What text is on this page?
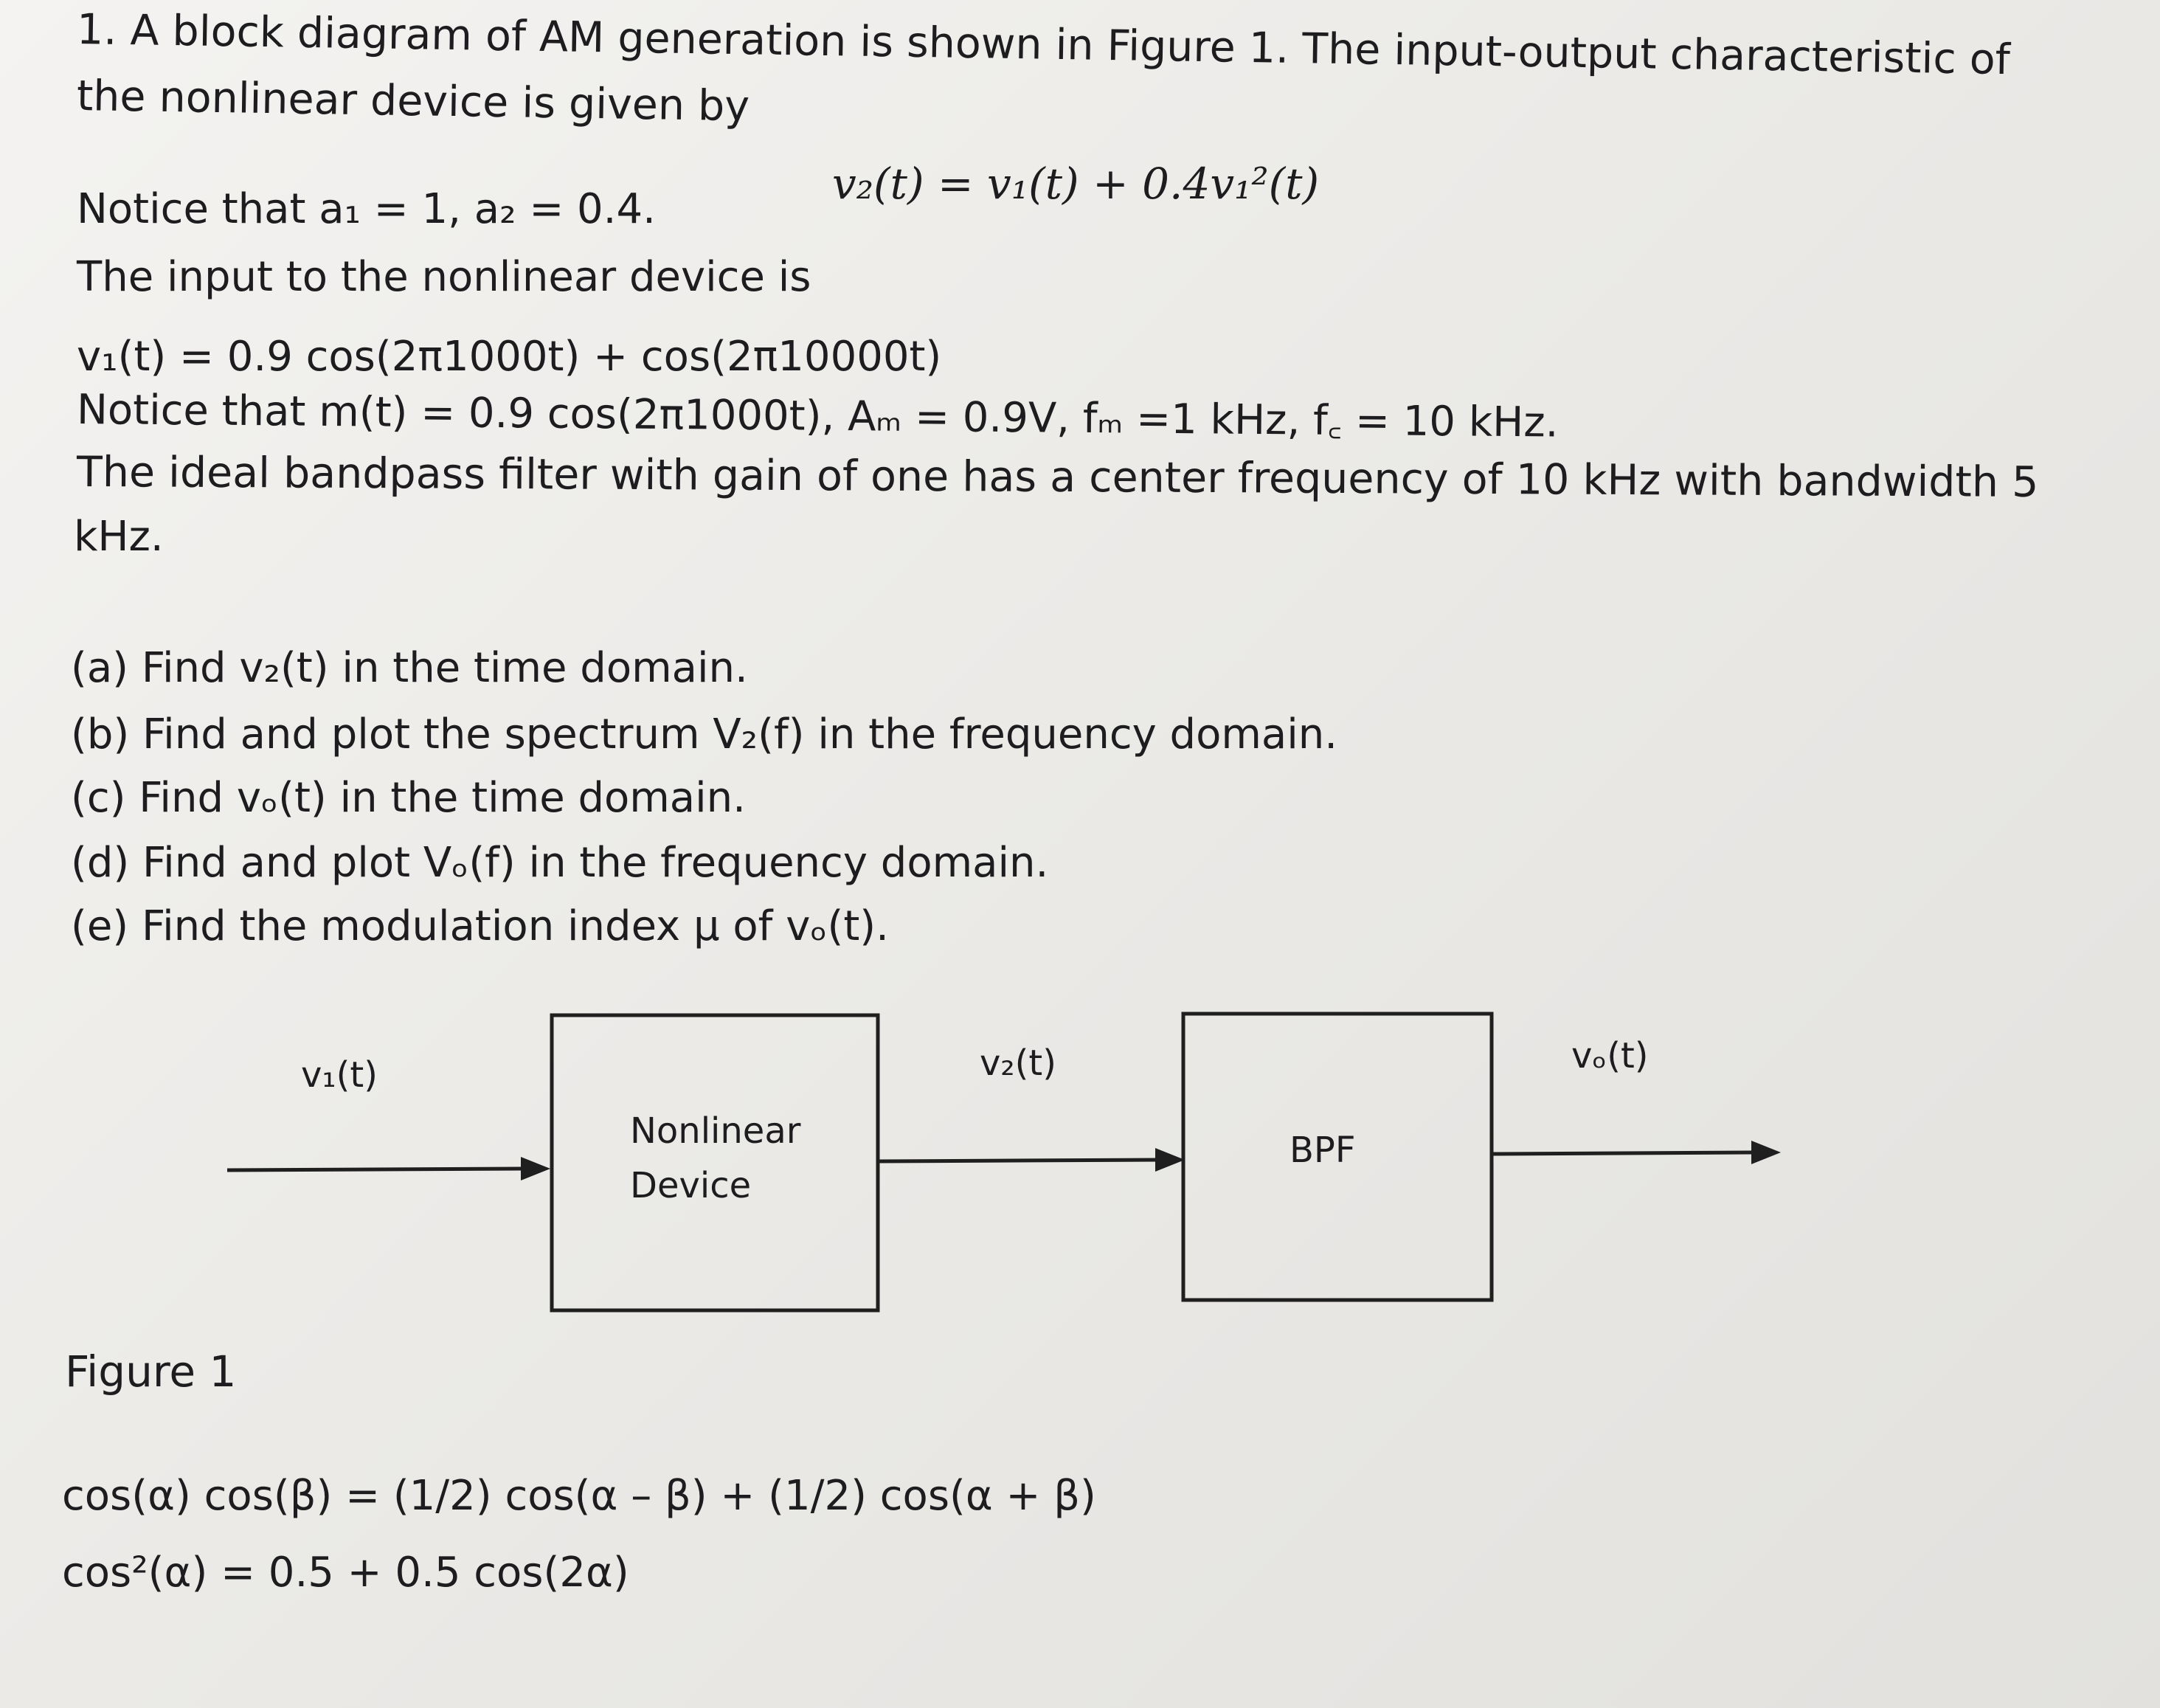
1. A block diagram of AM generation is shown in Figure 1. The input-output characteristic of
the nonlinear device is given by
v₂(t) = v₁(t) + 0.4v₁²(t)
Notice that a₁ = 1, a₂ = 0.4.
The input to the nonlinear device is
v₁(t) = 0.9 cos(2π1000t) + cos(2π10000t)
Notice that m(t) = 0.9 cos(2π1000t), Aₘ = 0.9V, fₘ =1 kHz, f꜀ = 10 kHz.
The ideal bandpass filter with gain of one has a center frequency of 10 kHz with bandwidth 5
kHz.
(a) Find v₂(t) in the time domain.
(b) Find and plot the spectrum V₂(f) in the frequency domain.
(c) Find vₒ(t) in the time domain.
(d) Find and plot Vₒ(f) in the frequency domain.
(e) Find the modulation index μ of vₒ(t).
v₁(t)
Nonlinear
Device
v₂(t)
BPF
vₒ(t)
Figure 1
cos(α) cos(β) = (1/2) cos(α – β) + (1/2) cos(α + β)
cos²(α) = 0.5 + 0.5 cos(2α)
